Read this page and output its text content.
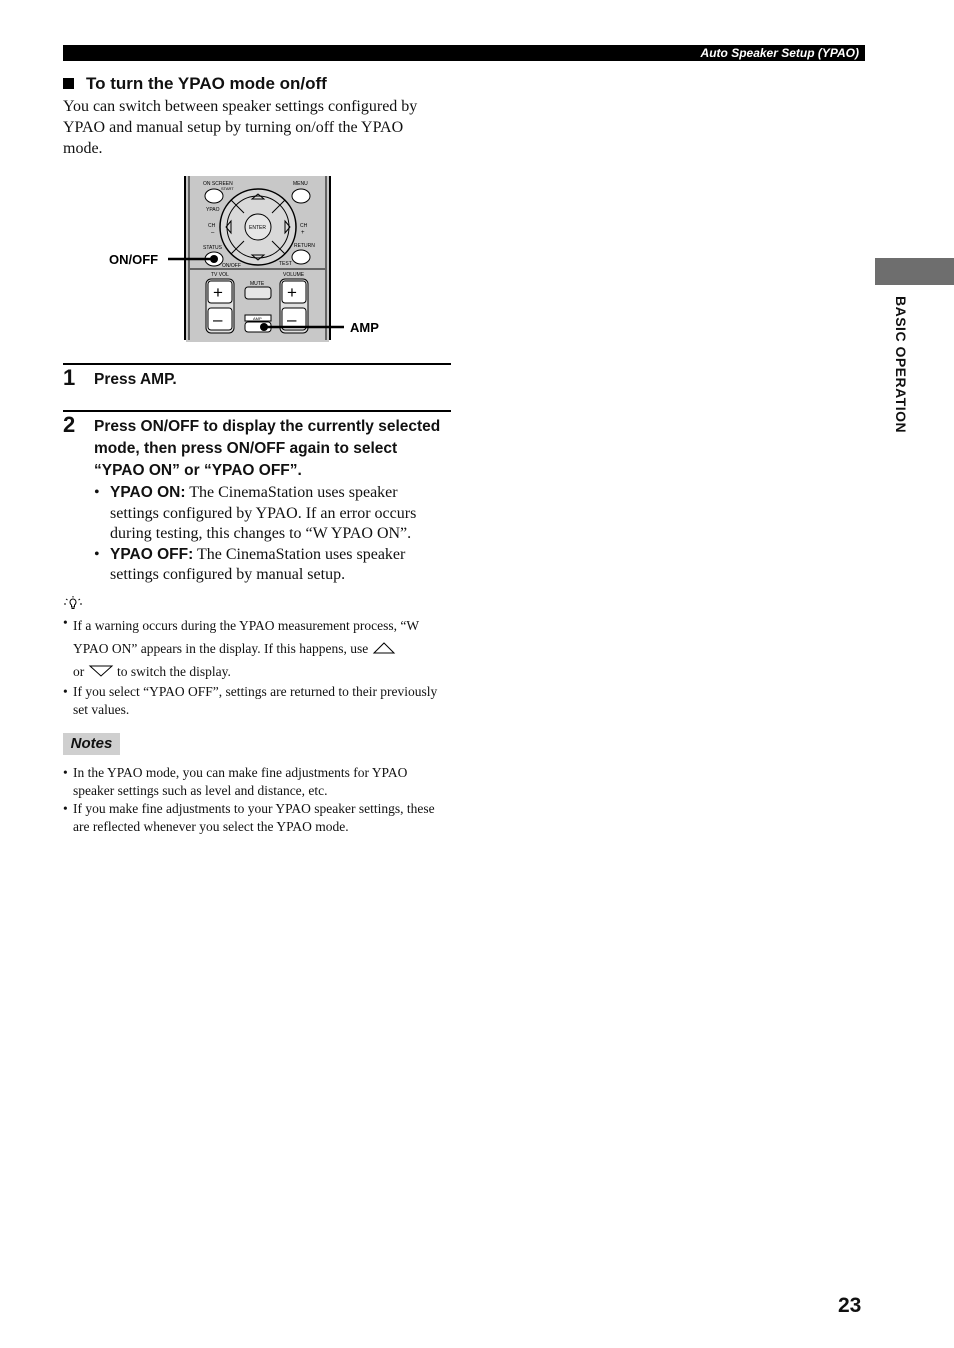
Auto Speaker Setup (YPAO)
To turn the YPAO mode on/off
You can switch between speaker settings configured by YPAO and manual setup by turning on/off the YPAO mode.
ON SCREEN
START
MENU
YPAO
ENTER
CH
–
CH
+
STATUS	RETURN
ON/OFF	TEST
TV VOL	VOLUME
+
–
+
–
MUTE
AMP
ON/OFF
AMP
1 Press AMP.
2 Press ON/OFF to display the currently selected mode, then press ON/OFF again to select “YPAO ON” or “YPAO OFF”.
• YPAO ON: The CinemaStation uses speaker settings configured by YPAO. If an error occurs during testing, this changes to “W YPAO ON”.
• YPAO OFF: The CinemaStation uses speaker settings configured by manual setup.
• If a warning occurs during the YPAO measurement process, “W YPAO ON” appears in the display. If this happens, use
or to switch the display.
• If you select “YPAO OFF”, settings are returned to their previously set values.
Notes
• In the YPAO mode, you can make fine adjustments for YPAO speaker settings such as level and distance, etc.
• If you make fine adjustments to your YPAO speaker settings, these are reflected whenever you select the YPAO mode.
BASIC OPERATION
23
